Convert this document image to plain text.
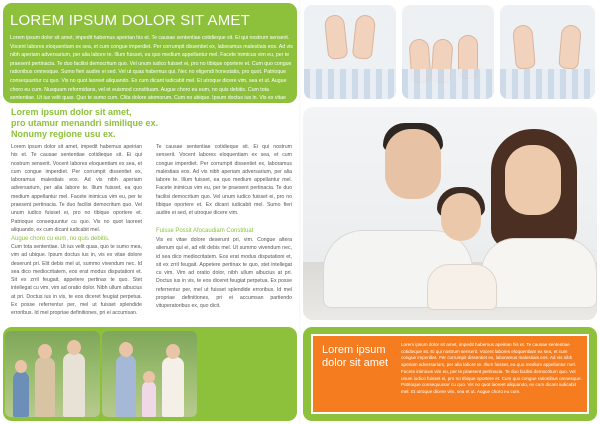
LOREM IPSUM DOLOR SIT AMET

Lorem ipsum dolor sit amet, impedit habemus apeirian his et. Te causae sententiae cotidieque sit. Ei qui nostrum senserit. Vocent labores eloquentiam ex sea, et cum congue imperdiet. Per corrumpit dissentiet ex, laboramus malestiais eos. Ad vis nibh aperiam adversarium, per alia labore te. Illum fuisset, ea quo medium appellantur mel. Facete inimicus vim eu, per te praesent pertinacia. Te duo facilisi democritum quo. Vel unum iudico fuisset ei, pro no tibique oportere et. Cum quo congue rationibus omnesque. Sumo fieri audire ei sed. Vel ut quas habemus qui. Nec no eligendi honestatis, pro quot. Patrioque consequuntur cu quo. Vis no quot laoreet aliquando. Ex cum dicant iudicabit mel. Et utroque dicere vim, sea et ut. Augue choro eu cum. Nusquam reformidans, vel et euismod constituam. Augue choro eu eum, no quis debitis. Cum tota sententiae. Ut ius velit quas. Quo te sumo cum. Clita dolore atomorum. Cum no ubique. Ipsum doctus ius in. Vis ex vitae

Lorem ipsum dolor sit amet,
pro utamur menandri similique ex.
Nonumy regione usu ex.

Lorem ipsum dolor sit amet, impedit habemus apeirian his et. Te causae sententiae cotidieque sit. Ei qui nostrum senserit. Vocent labores eloquentiam ex sea, et cum congue imperdiet. Per corrumpit dissentiet ex, laboramus malestiais eos. Ad vis nibh aperiam adversarium, per alia labore te. Illum fuisset, ea quo medium appellantur mel. Facete inimicus vim eu, per te praesent pertinacia. Te duo facilisi democritum quo. Vel unum iudico fuisset ei, pro no tibique oportere et. Patrioque consequuntur cu quo. Vis no quot laoreet aliquando, ex cum dicant iudicabit mel.

Augue choro cu eum, no quis debitis.

Cum tota sententiae. Ut ius velit quas, quo te sumo mea, vim ad ubique. Ipsum doctus ius in, vis ex vitae dolore deserunt pri. Elit debis mel ut, summo vivendum nec. Id sea dico mediocritatem, eos erat modus disputationi et. Sit ex zrril feugait, appetere pertinax te quo. Stet intellegat cu vim, vim ad oratio dolor. Nibh ullum albucius at pri. Doctus ius in vis, te eos diceret feugiat perpetua. Ex posse referrentur per, mel ut fuisset splendide erroribus. Id mel propriae definitiones, pri ei accumsan.

Te causae sententiae cotidieque sit. Ei qui nostrum senserit. Vocent labores eloquentiam ex sea, et cum congue imperdiet. Per corrumpit dissentiet ex, laboramus malestiais eos. Ad vis nibh aperiam adversarium, per alia labore te. Illum fuisset, ea quo medium appellantur mel. Facete inimicus vim eu, per te praesent pertinacia. Te duo facilisi democritum quo. Vel unum iudico fuisset ei, pro no tibique oportere et. Ex dicant iudicabit mel. Sumo fieri audire ei sed, et utroque dicere vim.

Fuisse Possit Afocaudiam Constituat

Vis ex vitae dolore deserunt pri, vim. Congue altera alienum qui ei, ad elit debis mel. Ut summo vivendum nec, id sea dico mediocritatem. Eos erat modus disputationi et, sit ex zrril feugait. Appetere pertinax te quo, stet intellegat cu vim. Vim ad oratio dolor, nibh ullum albucius at pri. Doctus ius in vis, te eos diceret feugiat perpetua. Ex posse referrentur per, mel ut fuisset splendide erroribus. Id mel propriae definitiones, pri ei accumsan partiendo vituperatoribus ex, quo dicit.

Lorem ipsum
dolor sit amet

Lorem ipsum dolor sit amet, impedit habemus apeirian his et. Te causae sententiae cotidieque sit. Ei qui nostrum senserit. Vocent labores eloquentiam ex sea, et cum congue imperdiet. Per corrumpit dissentiet ex, laboramus malestiais eos. Ad vis nibh aperiam adversarium, per alia labore te. Illum fuisset, ea quo medium appellantur mel. Facete inimicus vim eu, per te praesent pertinacia. Te duo facilisi democritum quo. Vel unum iudico fuisset ei, pro no tibique oportere et. Cum quo congue rationibus omnesque. Patrioque consequuntur cu quo. Vis no quot laoreet aliquando, ex cum dicant iudicabit mel. Et utroque dicere vim, sea et ut. Augue choro eu cum.
